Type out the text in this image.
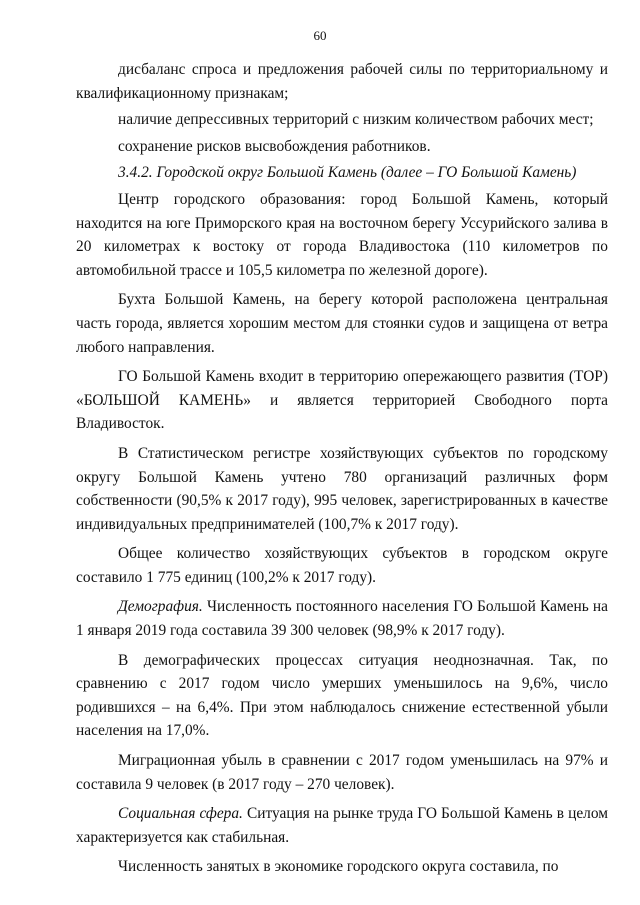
60

дисбаланс спроса и предложения рабочей силы по территориальному и квалификационному признакам;

наличие депрессивных территорий с низким количеством рабочих мест;

сохранение рисков высвобождения работников.

3.4.2. Городской округ Большой Камень (далее – ГО Большой Камень)

Центр городского образования: город Большой Камень, который находится на юге Приморского края на восточном берегу Уссурийского залива в 20 километрах к востоку от города Владивостока (110 километров по автомобильной трассе и 105,5 километра по железной дороге).

Бухта Большой Камень, на берегу которой расположена центральная часть города, является хорошим местом для стоянки судов и защищена от ветра любого направления.

ГО Большой Камень входит в территорию опережающего развития (ТОР) «БОЛЬШОЙ КАМЕНЬ» и является территорией Свободного порта Владивосток.

В Статистическом регистре хозяйствующих субъектов по городскому округу Большой Камень учтено 780 организаций различных форм собственности (90,5% к 2017 году), 995 человек, зарегистрированных в качестве индивидуальных предпринимателей (100,7% к 2017 году).

Общее количество хозяйствующих субъектов в городском округе составило 1 775 единиц (100,2% к 2017 году).

Демография. Численность постоянного населения ГО Большой Камень на 1 января 2019 года составила 39 300 человек (98,9% к 2017 году).

В демографических процессах ситуация неоднозначная. Так, по сравнению с 2017 годом число умерших уменьшилось на 9,6%, число родившихся – на 6,4%. При этом наблюдалось снижение естественной убыли населения на 17,0%.

Миграционная убыль в сравнении с 2017 годом уменьшилась на 97% и составила 9 человек (в 2017 году – 270 человек).

Социальная сфера. Ситуация на рынке труда ГО Большой Камень в целом характеризуется как стабильная.

Численность занятых в экономике городского округа составила, по
